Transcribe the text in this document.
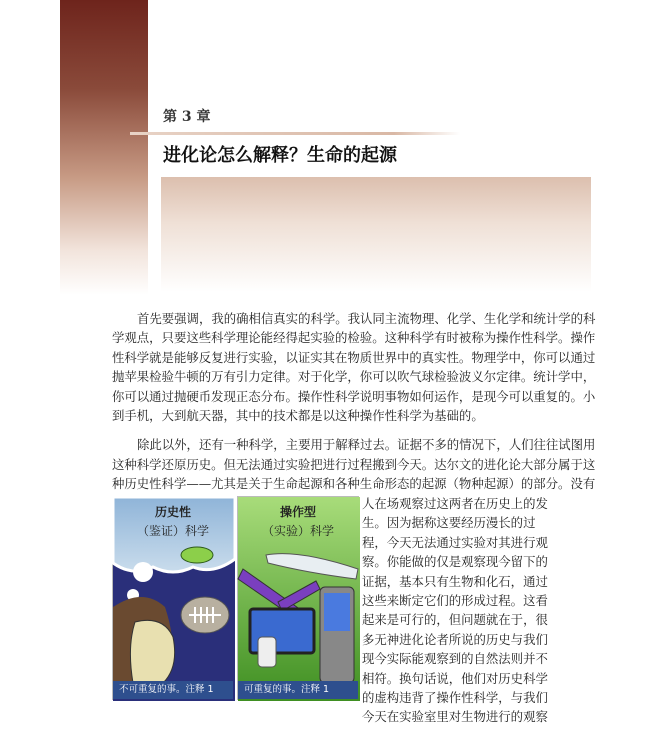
第 3 章
进化论怎么解释？生命的起源
首先要强调，我的确相信真实的科学。我认同主流物理、化学、生化学和统计学的科
学观点，只要这些科学理论能经得起实验的检验。这种科学有时被称为操作性科学。操作
性科学就是能够反复进行实验，以证实其在物质世界中的真实性。物理学中，你可以通过
抛苹果检验牛顿的万有引力定律。对于化学，你可以吹气球检验波义尔定律。统计学中，
你可以通过抛硬币发现正态分布。操作性科学说明事物如何运作，是现今可以重复的。小
到手机，大到航天器，其中的技术都是以这种操作性科学为基础的。
除此以外，还有一种科学，主要用于解释过去。证据不多的情况下，人们往往试图用
这种科学还原历史。但无法通过实验把进行过程搬到今天。达尔文的进化论大部分属于这
种历史性科学——尤其是关于生命起源和各种生命形态的起源（物种起源）的部分。没有
人在场观察过这两者在历史上的发
生。因为据称这要经历漫长的过
程，今天无法通过实验对其进行观
察。你能做的仅是观察现今留下的
证据，基本只有生物和化石，通过
这些来断定它们的形成过程。这看
起来是可行的，但问题就在于，很
多无神进化论者所说的历史与我们
现今实际能观察到的自然法则并不
相符。换句话说，他们对历史科学
的虚构违背了操作性科学，与我们
今天在实验室里对生物进行的观察
历史性
（鉴证）科学
不可重复的事。注释 1
操作型
（实验）科学
可重复的事。注释 1
